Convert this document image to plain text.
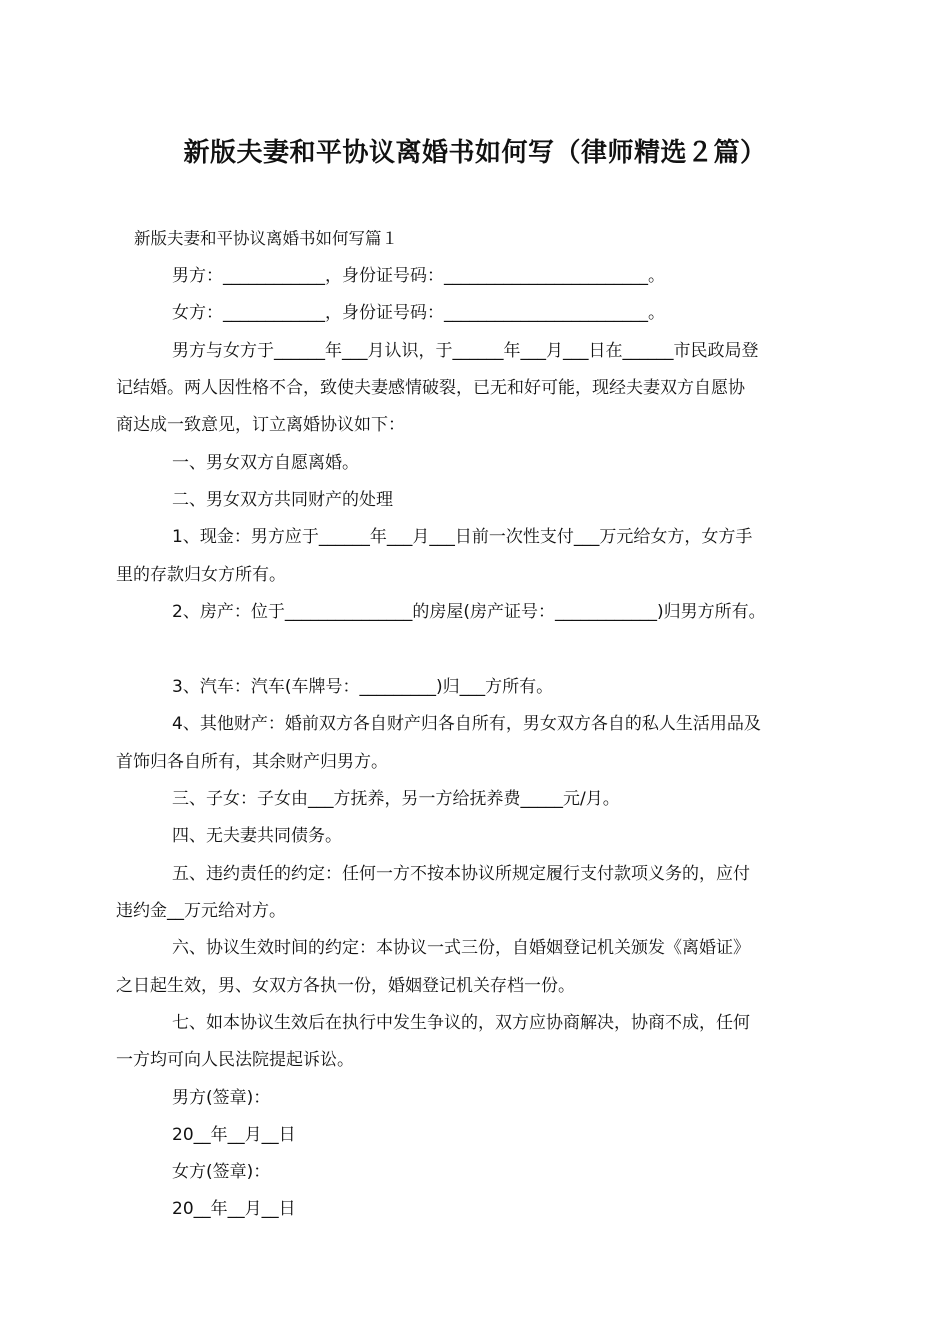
新版夫妻和平协议离婚书如何写（律师精选２篇）
新版夫妻和平协议离婚书如何写篇１
男方：____________，身份证号码：________________________。
女方：____________，身份证号码：________________________。
男方与女方于______年___月认识，于______年___月___日在______市民政局登
记结婚。两人因性格不合，致使夫妻感情破裂，已无和好可能，现经夫妻双方自愿协
商达成一致意见，订立离婚协议如下：
一、男女双方自愿离婚。
二、男女双方共同财产的处理
1、现金：男方应于______年___月___日前一次性支付___万元给女方，女方手
里的存款归女方所有。
2、房产：位于_______________的房屋(房产证号：____________)归男方所有。
3、汽车：汽车(车牌号：_________)归___方所有。
4、其他财产：婚前双方各自财产归各自所有，男女双方各自的私人生活用品及
首饰归各自所有，其余财产归男方。
三、子女：子女由___方抚养，另一方给抚养费_____元/月。
四、无夫妻共同债务。
五、违约责任的约定：任何一方不按本协议所规定履行支付款项义务的，应付
违约金__万元给对方。
六、协议生效时间的约定：本协议一式三份，自婚姻登记机关颁发《离婚证》
之日起生效，男、女双方各执一份，婚姻登记机关存档一份。
七、如本协议生效后在执行中发生争议的，双方应协商解决，协商不成，任何
一方均可向人民法院提起诉讼。
男方(签章)：
20__年__月__日
女方(签章)：
20__年__月__日
